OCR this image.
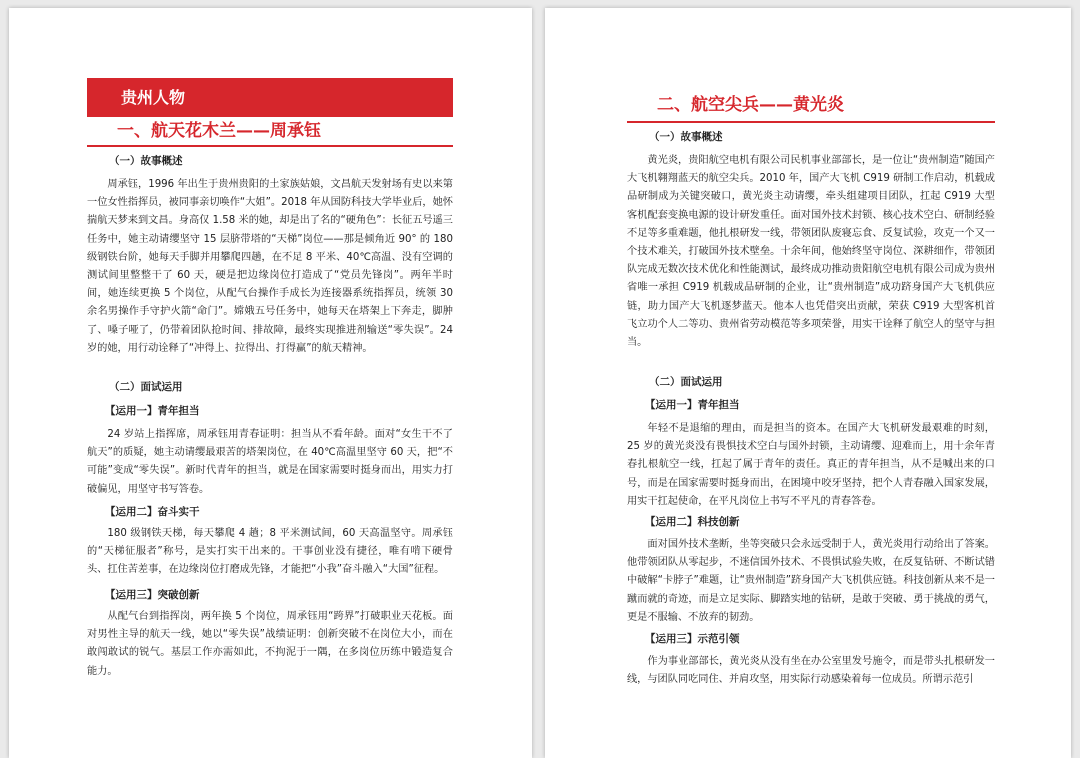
贵州人物
一、航天花木兰——周承钰
（一）故事概述

周承钰，1996 年出生于贵州贵阳的土家族姑娘，文昌航天发射场有史以来第一位女性指挥员，被同事亲切唤作“大姐”。2018 年从国防科技大学毕业后，她怀揣航天梦来到文昌。身高仅 1.58 米的她，却是出了名的“硬角色”：长征五号遥三任务中，她主动请缨坚守 15 层脐带塔的“天梯”岗位——那是倾角近 90° 的 180 级钢铁台阶，她每天手脚并用攀爬四趟，在不足 8 平米、40℃高温、没有空调的测试间里整整干了 60 天，硬是把边缘岗位打造成了“党员先锋岗”。两年半时间，她连续更换 5 个岗位，从配气台操作手成长为连接器系统指挥员，统领 30 余名男操作手守护火箭“命门”。嫦娥五号任务中，她每天在塔架上下奔走，脚肿了、嗓子哑了，仍带着团队抢时间、排故障，最终实现推进剂输送“零失误”。24 岁的她，用行动诠释了“冲得上、拉得出、打得赢”的航天精神。

（二）面试运用
【运用一】青年担当

24 岁站上指挥席，周承钰用青春证明：担当从不看年龄。面对“女生干不了航天”的质疑，她主动请缨最艰苦的塔架岗位，在 40℃高温里坚守 60 天，把“不可能”变成“零失误”。新时代青年的担当，就是在国家需要时挺身而出，用实力打破偏见，用坚守书写答卷。

【运用二】奋斗实干

180 级钢铁天梯，每天攀爬 4 趟；8 平米测试间，60 天高温坚守。周承钰的“天梯征服者”称号，是实打实干出来的。干事创业没有捷径，唯有啃下硬骨头、扛住苦差事，在边缘岗位打磨成先锋，才能把“小我”奋斗融入“大国”征程。

【运用三】突破创新

从配气台到指挥岗，两年换 5 个岗位，周承钰用“跨界”打破职业天花板。面对男性主导的航天一线，她以“零失误”战绩证明：创新突破不在岗位大小，而在敢闯敢试的锐气。基层工作亦需如此，不拘泥于一隅，在多岗位历练中锻造复合能力。

二、航空尖兵——黄光炎
（一）故事概述

黄光炎，贵阳航空电机有限公司民机事业部部长，是一位让“贵州制造”随国产大飞机翱翔蓝天的航空尖兵。2010 年，国产大飞机 C919 研制工作启动，机载成品研制成为关键突破口，黄光炎主动请缨，牵头组建项目团队，扛起 C919 大型客机配套变换电源的设计研发重任。面对国外技术封锁、核心技术空白、研制经验不足等多重难题，他扎根研发一线，带领团队废寝忘食、反复试验，攻克一个又一个技术难关，打破国外技术壁垒。十余年间，他始终坚守岗位、深耕细作，带领团队完成无数次技术优化和性能测试，最终成功推动贵阳航空电机有限公司成为贵州省唯一承担 C919 机载成品研制的企业，让“贵州制造”成功跻身国产大飞机供应链，助力国产大飞机逐梦蓝天。他本人也凭借突出贡献，荣获 C919 大型客机首飞立功个人二等功、贵州省劳动模范等多项荣誉，用实干诠释了航空人的坚守与担当。

（二）面试运用
【运用一】青年担当

年轻不是退缩的理由，而是担当的资本。在国产大飞机研发最艰难的时刻，25 岁的黄光炎没有畏惧技术空白与国外封锁，主动请缨、迎难而上，用十余年青春扎根航空一线，扛起了属于青年的责任。真正的青年担当，从不是喊出来的口号，而是在国家需要时挺身而出，在困境中咬牙坚持，把个人青春融入国家发展，用实干扛起使命，在平凡岗位上书写不平凡的青春答卷。

【运用二】科技创新

面对国外技术垄断，坐等突破只会永远受制于人，黄光炎用行动给出了答案。他带领团队从零起步，不迷信国外技术、不畏惧试验失败，在反复钻研、不断试错中破解“卡脖子”难题，让“贵州制造”跻身国产大飞机供应链。科技创新从来不是一蹴而就的奇迹，而是立足实际、脚踏实地的钻研，是敢于突破、勇于挑战的勇气，更是不服输、不放弃的韧劲。

【运用三】示范引领

作为事业部部长，黄光炎从没有坐在办公室里发号施令，而是带头扎根研发一线，与团队同吃同住、并肩攻坚，用实际行动感染着每一位成员。所谓示范引
